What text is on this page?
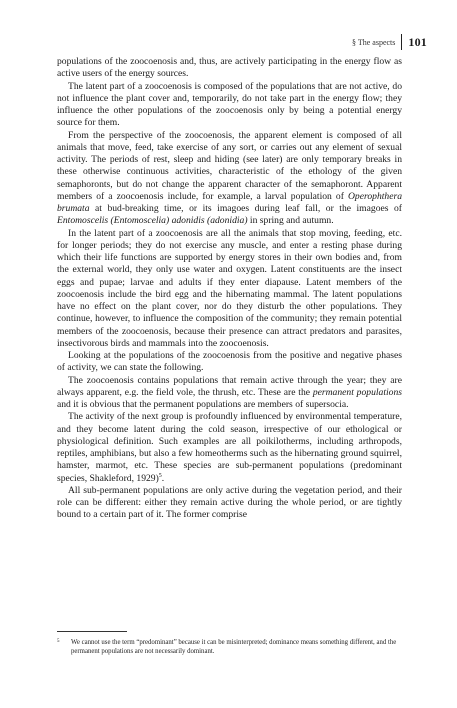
§ The aspects	101

populations of the zoocoenosis and, thus, are actively participating in the energy flow as active users of the energy sources.

The latent part of a zoocoenosis is composed of the populations that are not active, do not influence the plant cover and, temporarily, do not take part in the energy flow; they influence the other populations of the zoocoenosis only by being a potential energy source for them.

From the perspective of the zoocoenosis, the apparent element is composed of all animals that move, feed, take exercise of any sort, or carries out any element of sexual activity. The periods of rest, sleep and hiding (see later) are only temporary breaks in these otherwise continuous activities, characteristic of the ethology of the given semaphoronts, but do not change the apparent character of the semaphoront. Apparent members of a zoocoenosis include, for example, a larval population of Operophthera brumata at bud-breaking time, or its imagoes during leaf fall, or the imagoes of Entomoscelis (Entomoscelia) adonidis (adonidia) in spring and autumn.

In the latent part of a zoocoenosis are all the animals that stop moving, feeding, etc. for longer periods; they do not exercise any muscle, and enter a resting phase during which their life functions are supported by energy stores in their own bodies and, from the external world, they only use water and oxygen. Latent constituents are the insect eggs and pupae; larvae and adults if they enter diapause. Latent members of the zoocoenosis include the bird egg and the hibernating mammal. The latent populations have no effect on the plant cover, nor do they disturb the other populations. They continue, however, to influence the composition of the community; they remain potential members of the zoocoenosis, because their presence can attract predators and parasites, insectivorous birds and mammals into the zoocoenosis.

Looking at the populations of the zoocoenosis from the positive and negative phases of activity, we can state the following.

The zoocoenosis contains populations that remain active through the year; they are always apparent, e.g. the field vole, the thrush, etc. These are the permanent populations and it is obvious that the permanent populations are members of supersocia.

The activity of the next group is profoundly influenced by environmental temperature, and they become latent during the cold season, irrespective of our ethological or physiological definition. Such examples are all poikilotherms, including arthropods, reptiles, amphibians, but also a few homeotherms such as the hibernating ground squirrel, hamster, marmot, etc. These species are sub-permanent populations (predominant species, Shakleford, 1929)$^5$.

All sub-permanent populations are only active during the vegetation period, and their role can be different: either they remain active during the whole period, or are tightly bound to a certain part of it. The former comprise

5	We cannot use the term “predominant” because it can be misinterpreted; dominance means something different, and the permanent populations are not necessarily dominant.
